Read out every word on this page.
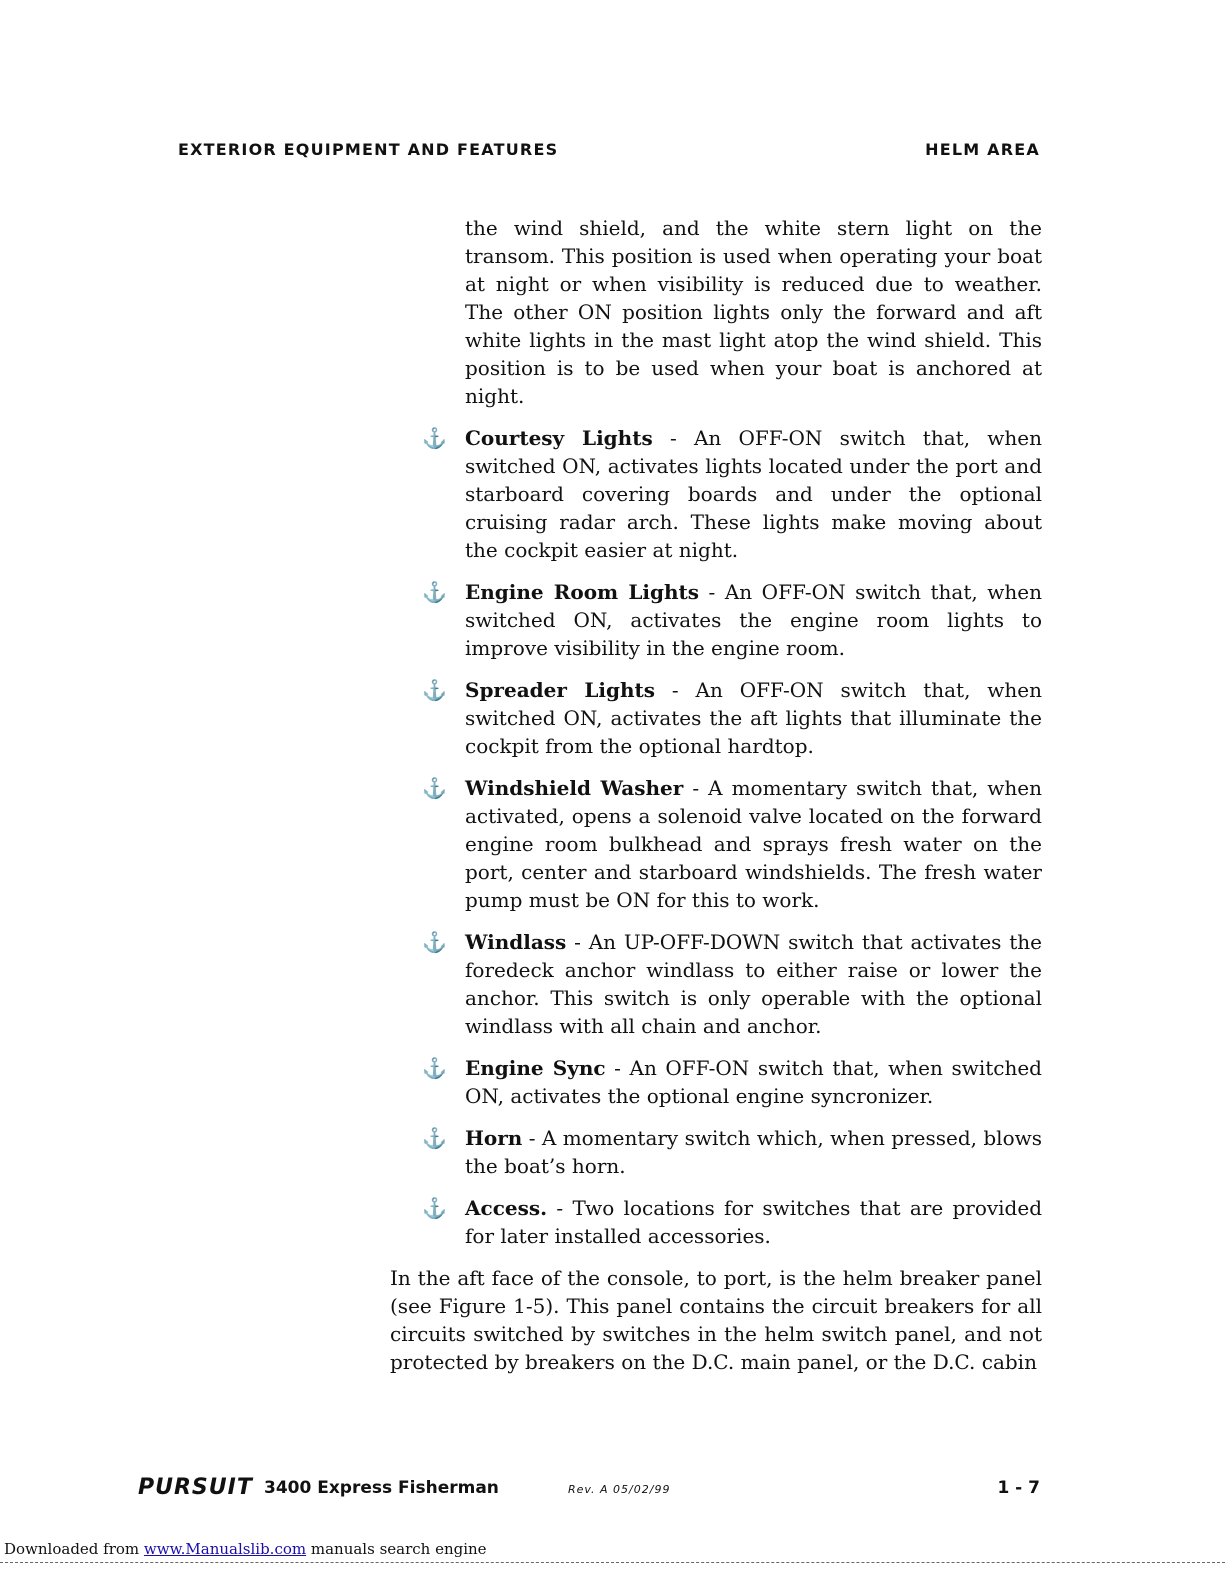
EXTERIOR EQUIPMENT AND FEATURES	HELM AREA

the wind shield, and the white stern light on the transom. This position is used when operating your boat at night or when visibility is reduced due to weather. The other ON position lights only the forward and aft white lights in the mast light atop the wind shield. This position is to be used when your boat is anchored at night.

⚓ Courtesy Lights - An OFF-ON switch that, when switched ON, activates lights located under the port and starboard covering boards and under the optional cruising radar arch. These lights make moving about the cockpit easier at night.
⚓ Engine Room Lights - An OFF-ON switch that, when switched ON, activates the engine room lights to improve visibility in the engine room.
⚓ Spreader Lights - An OFF-ON switch that, when switched ON, activates the aft lights that illuminate the cockpit from the optional hardtop.
⚓ Windshield Washer - A momentary switch that, when activated, opens a solenoid valve located on the forward engine room bulkhead and sprays fresh water on the port, center and starboard windshields. The fresh water pump must be ON for this to work.
⚓ Windlass - An UP-OFF-DOWN switch that activates the foredeck anchor windlass to either raise or lower the anchor. This switch is only operable with the optional windlass with all chain and anchor.
⚓ Engine Sync - An OFF-ON switch that, when switched ON, activates the optional engine syncronizer.
⚓ Horn - A momentary switch which, when pressed, blows the boat’s horn.
⚓ Access. - Two locations for switches that are provided for later installed accessories.

In the aft face of the console, to port, is the helm breaker panel (see Figure 1-5). This panel contains the circuit breakers for all circuits switched by switches in the helm switch panel, and not protected by breakers on the D.C. main panel, or the D.C. cabin

PURSUIT 3400 Express Fisherman	Rev. A 05/02/99	1 - 7
Downloaded from www.Manualslib.com manuals search engine
